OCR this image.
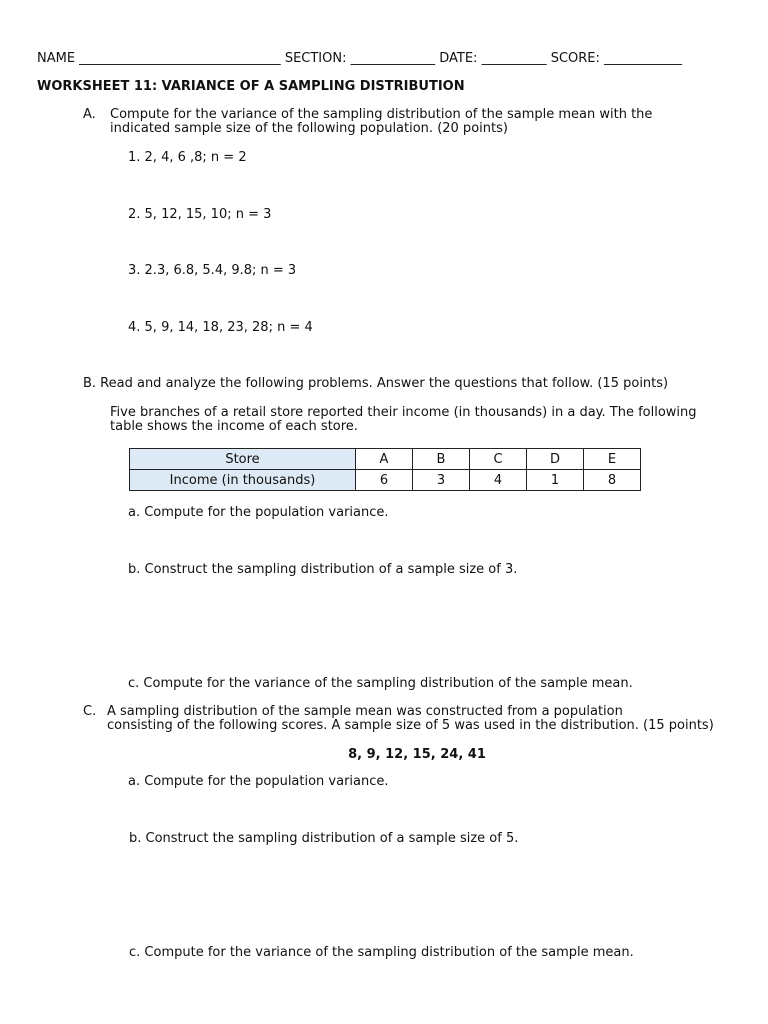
NAME _______________________________ SECTION: _____________ DATE: __________ SCORE: ____________
WORKSHEET 11: VARIANCE OF A SAMPLING DISTRIBUTION
A. Compute for the variance of the sampling distribution of the sample mean with the
indicated sample size of the following population. (20 points)
1. 2, 4, 6 ,8; n = 2
2. 5, 12, 15, 10; n = 3
3. 2.3, 6.8, 5.4, 9.8; n = 3
4. 5, 9, 14, 18, 23, 28; n = 4
B. Read and analyze the following problems. Answer the questions that follow. (15 points)
Five branches of a retail store reported their income (in thousands) in a day. The following
table shows the income of each store.
Store	A	B	C	D	E
Income (in thousands)	6	3	4	1	8
a. Compute for the population variance.
b. Construct the sampling distribution of a sample size of 3.
c. Compute for the variance of the sampling distribution of the sample mean.
C. A sampling distribution of the sample mean was constructed from a population
consisting of the following scores. A sample size of 5 was used in the distribution. (15 points)
8, 9, 12, 15, 24, 41
a. Compute for the population variance.
b. Construct the sampling distribution of a sample size of 5.
c. Compute for the variance of the sampling distribution of the sample mean.
